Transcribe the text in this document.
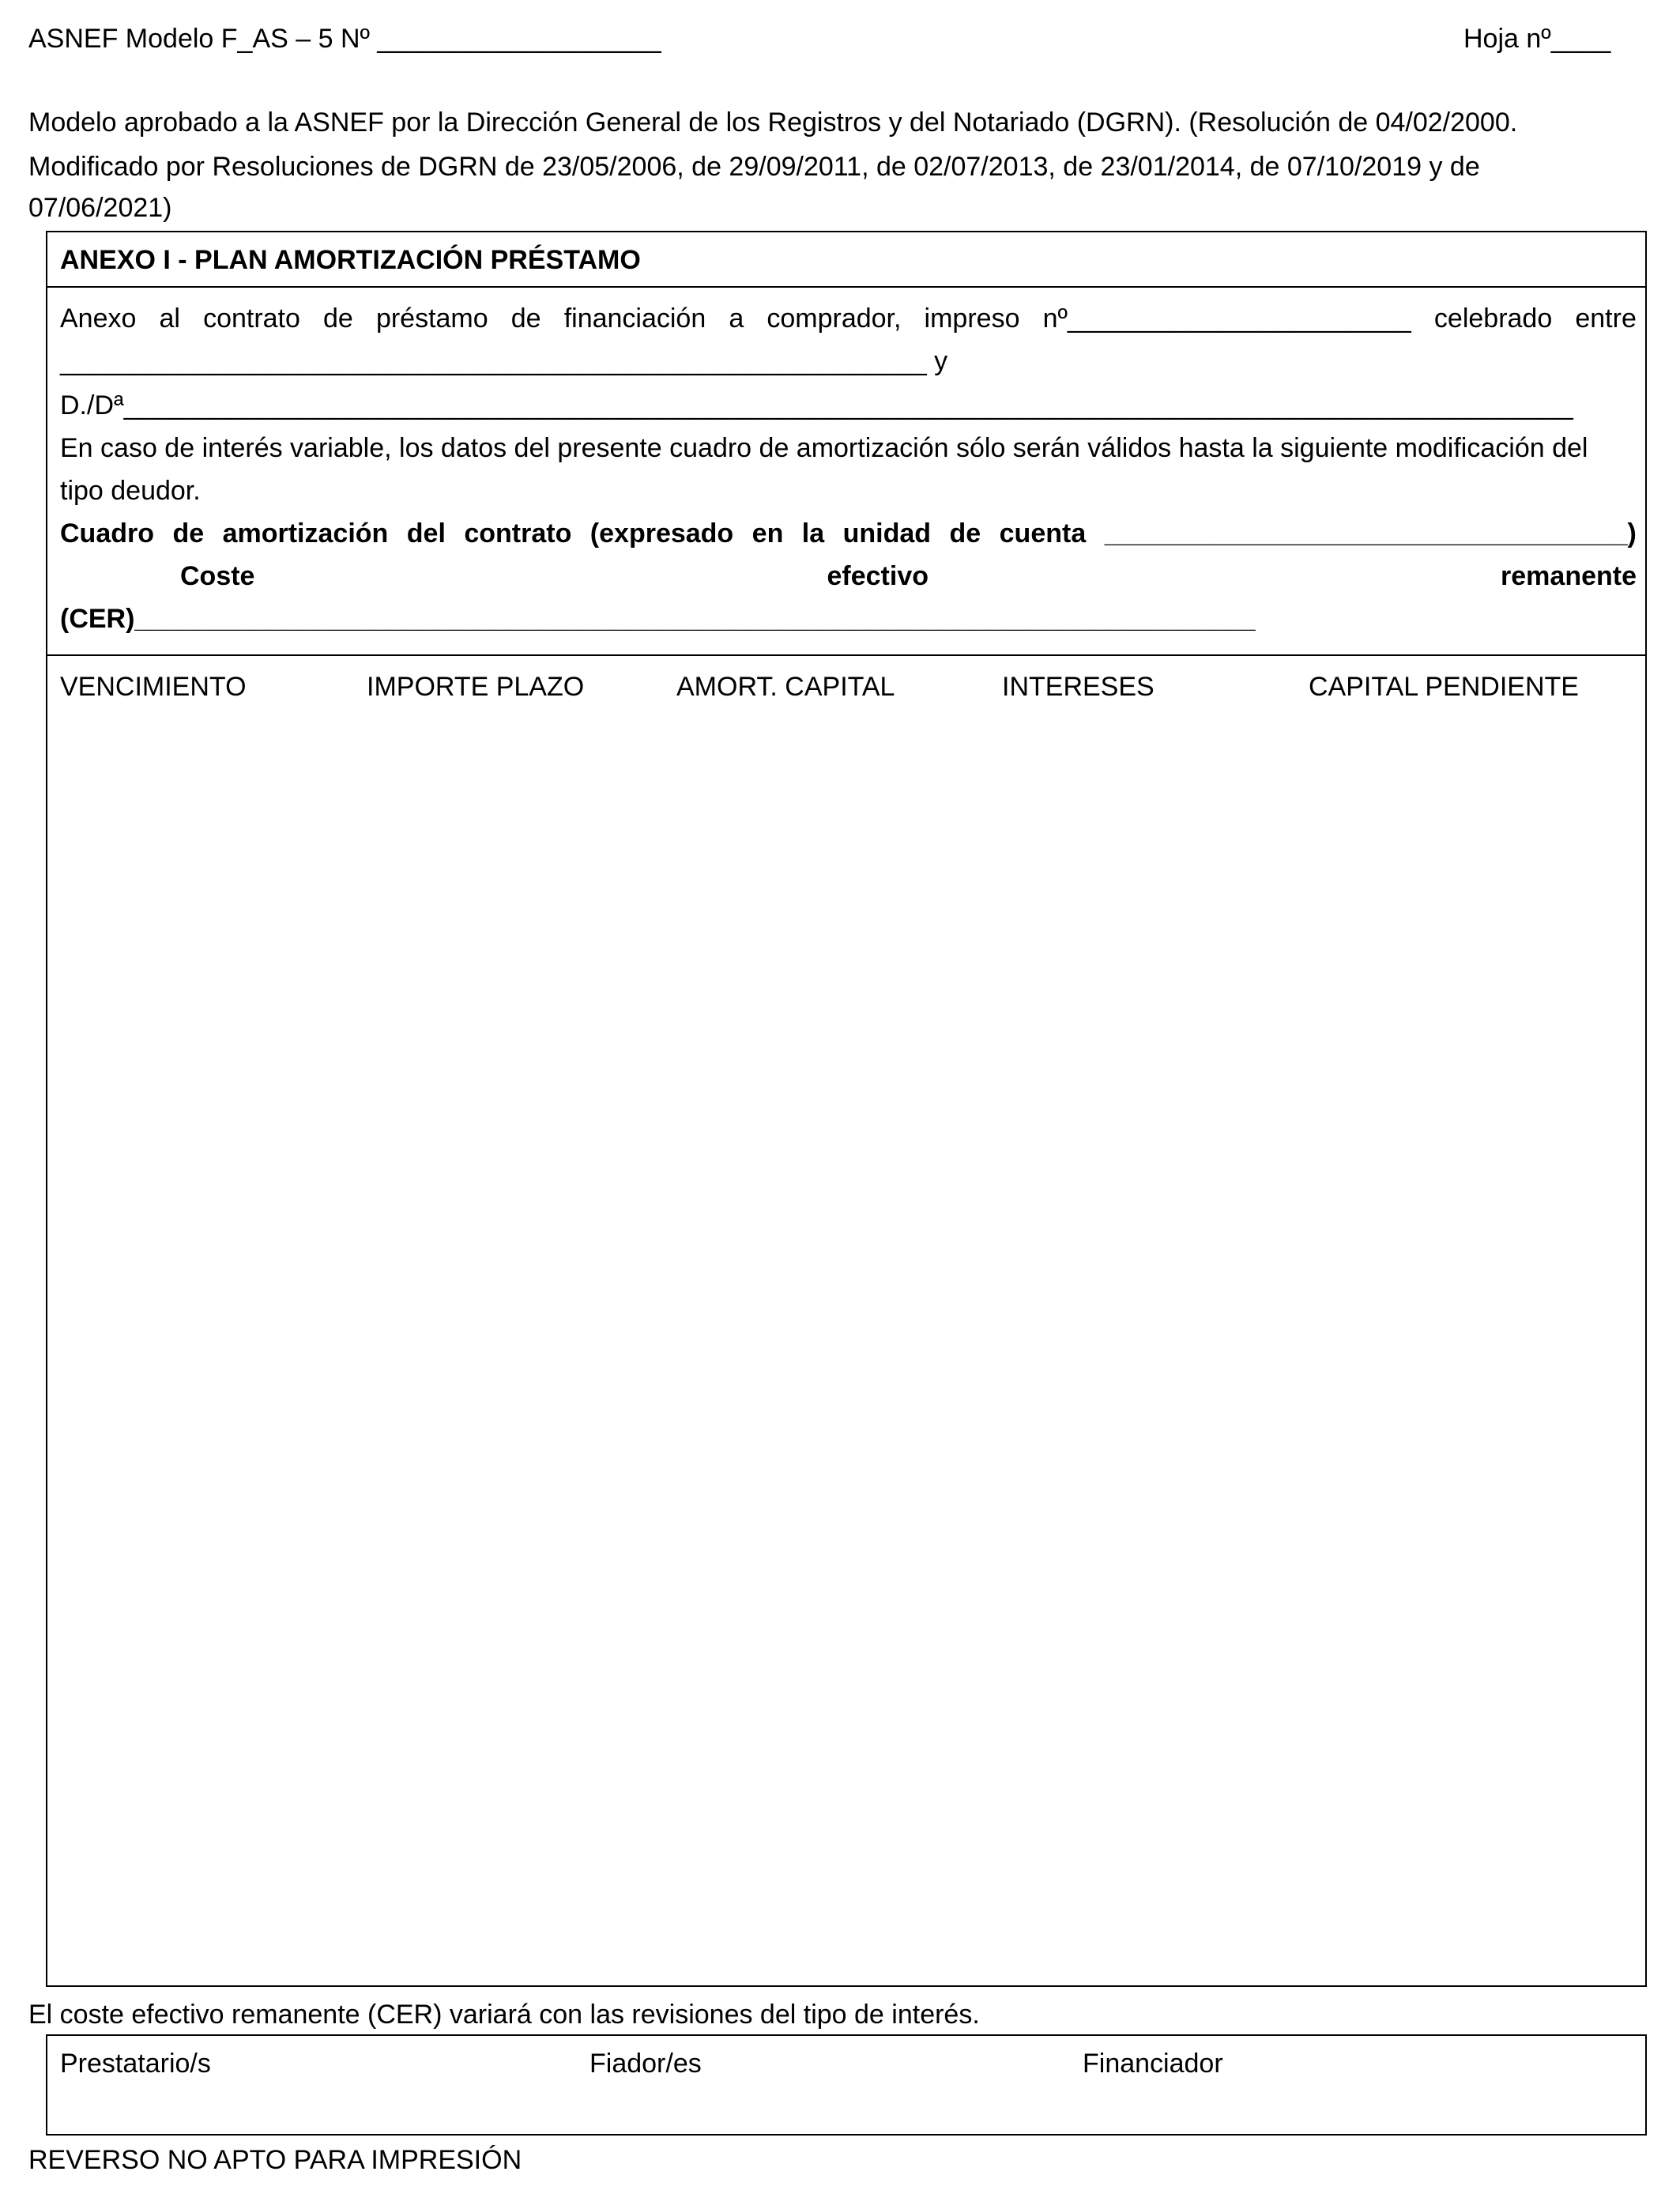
ASNEF Modelo F_AS – 5 Nº ___________________	Hoja nº____
Modelo aprobado a la ASNEF por la Dirección General de los Registros y del Notariado (DGRN). (Resolución de 04/02/2000.
Modificado por Resoluciones de DGRN de 23/05/2006, de 29/09/2011, de 02/07/2013, de 23/01/2014, de 07/10/2019 y de
07/06/2021)
ANEXO I - PLAN AMORTIZACIÓN PRÉSTAMO
Anexo al contrato de préstamo de financiación a comprador, impreso nº_______________________ celebrado entre
__________________________________________________________ y
D./Dª_________________________________________________________________________________________________
En caso de interés variable, los datos del presente cuadro de amortización sólo serán válidos hasta la siguiente modificación del
tipo deudor.
Cuadro de amortización del contrato (expresado en la unidad de cuenta ___________________________________)
Coste	efectivo	remanente
(CER)___________________________________________________________________________
VENCIMIENTO	IMPORTE PLAZO	AMORT. CAPITAL	INTERESES	CAPITAL PENDIENTE
El coste efectivo remanente (CER) variará con las revisiones del tipo de interés.
Prestatario/s	Fiador/es	Financiador
REVERSO NO APTO PARA IMPRESIÓN
